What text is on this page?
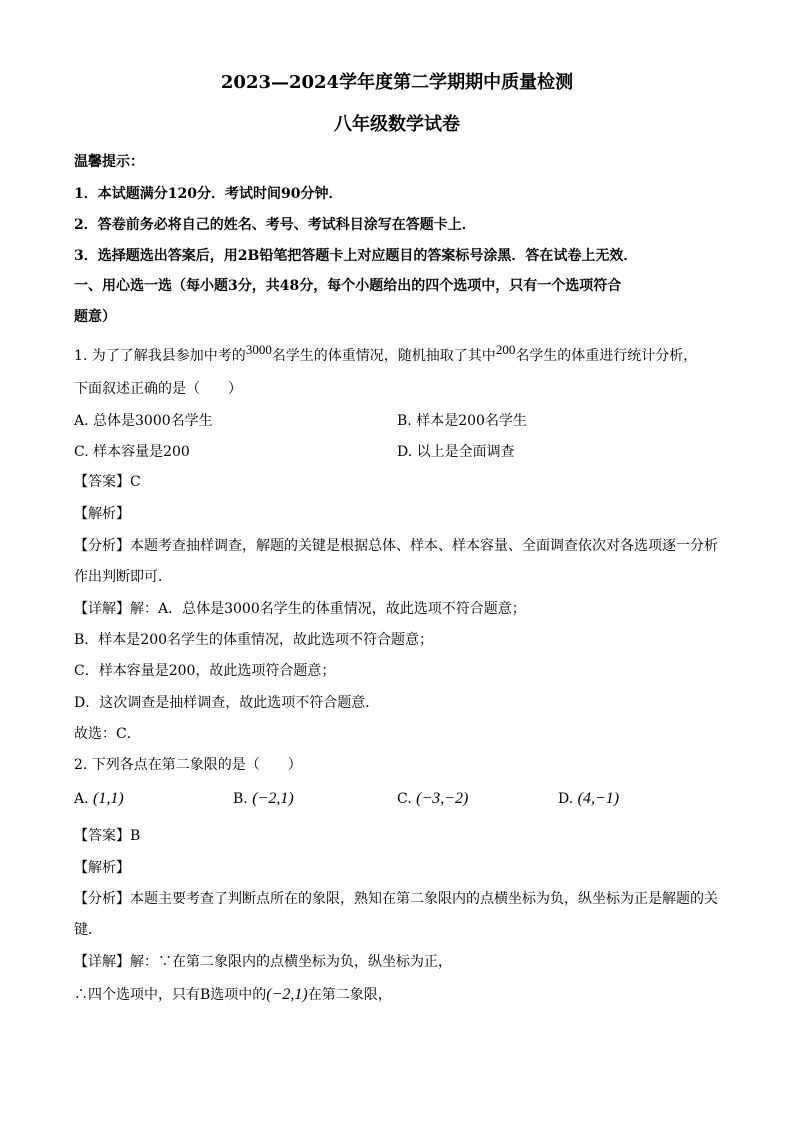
2023—2024学年度第二学期期中质量检测
八年级数学试卷
温馨提示：
1．本试题满分120分．考试时间90分钟．
2．答卷前务必将自己的姓名、考号、考试科目涂写在答题卡上．
3．选择题选出答案后，用2B铅笔把答题卡上对应题目的答案标号涂黑．答在试卷上无效．
一、用心选一选（每小题3分，共48分，每个小题给出的四个选项中，只有一个选项符合
题意）
1. 为了了解我县参加中考的3000名学生的体重情况，随机抽取了其中200名学生的体重进行统计分析，
下面叙述正确的是（　　）
A. 总体是3000名学生	B. 样本是200名学生
C. 样本容量是200	D. 以上是全面调查
【答案】C
【解析】
【分析】本题考查抽样调查，解题的关键是根据总体、样本、样本容量、全面调查依次对各选项逐一分析
作出判断即可．
【详解】解：A．总体是3000名学生的体重情况，故此选项不符合题意；
B．样本是200名学生的体重情况，故此选项不符合题意；
C．样本容量是200，故此选项符合题意；
D．这次调查是抽样调查，故此选项不符合题意．
故选：C．
2. 下列各点在第二象限的是（　　）
A. (1,1)	B. (−2,1)	C. (−3,−2)	D. (4,−1)
【答案】B
【解析】
【分析】本题主要考查了判断点所在的象限，熟知在第二象限内的点横坐标为负，纵坐标为正是解题的关
键．
【详解】解：∵在第二象限内的点横坐标为负，纵坐标为正，
∴四个选项中，只有B选项中的(−2,1)在第二象限，
